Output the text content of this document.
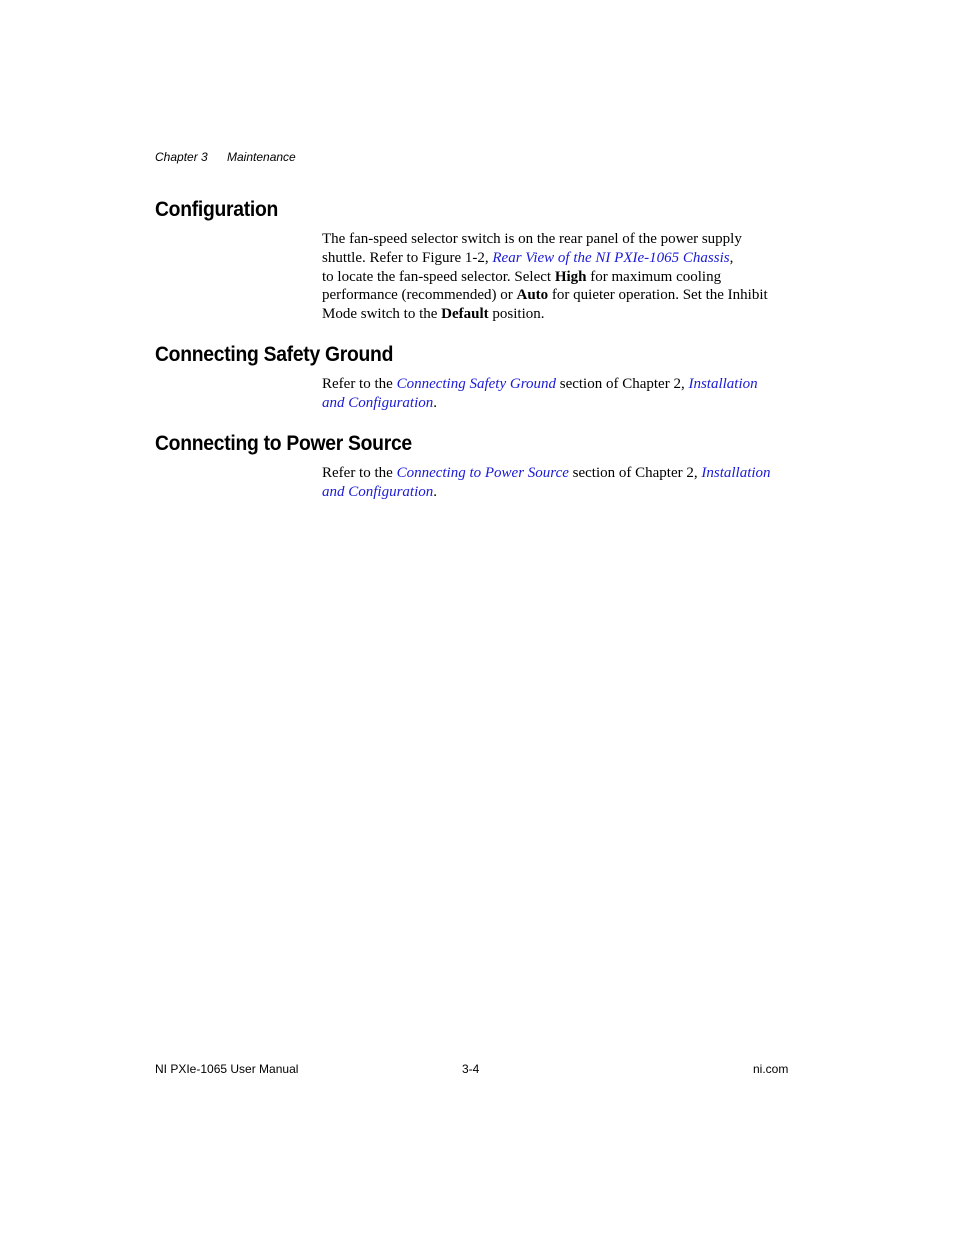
Chapter 3 Maintenance
Configuration
The fan-speed selector switch is on the rear panel of the power supply
shuttle. Refer to Figure 1-2, Rear View of the NI PXIe-1065 Chassis,
to locate the fan-speed selector. Select High for maximum cooling
performance (recommended) or Auto for quieter operation. Set the Inhibit
Mode switch to the Default position.
Connecting Safety Ground
Refer to the Connecting Safety Ground section of Chapter 2, Installation
and Configuration.
Connecting to Power Source
Refer to the Connecting to Power Source section of Chapter 2, Installation
and Configuration.
NI PXIe-1065 User Manual	3-4	ni.com
